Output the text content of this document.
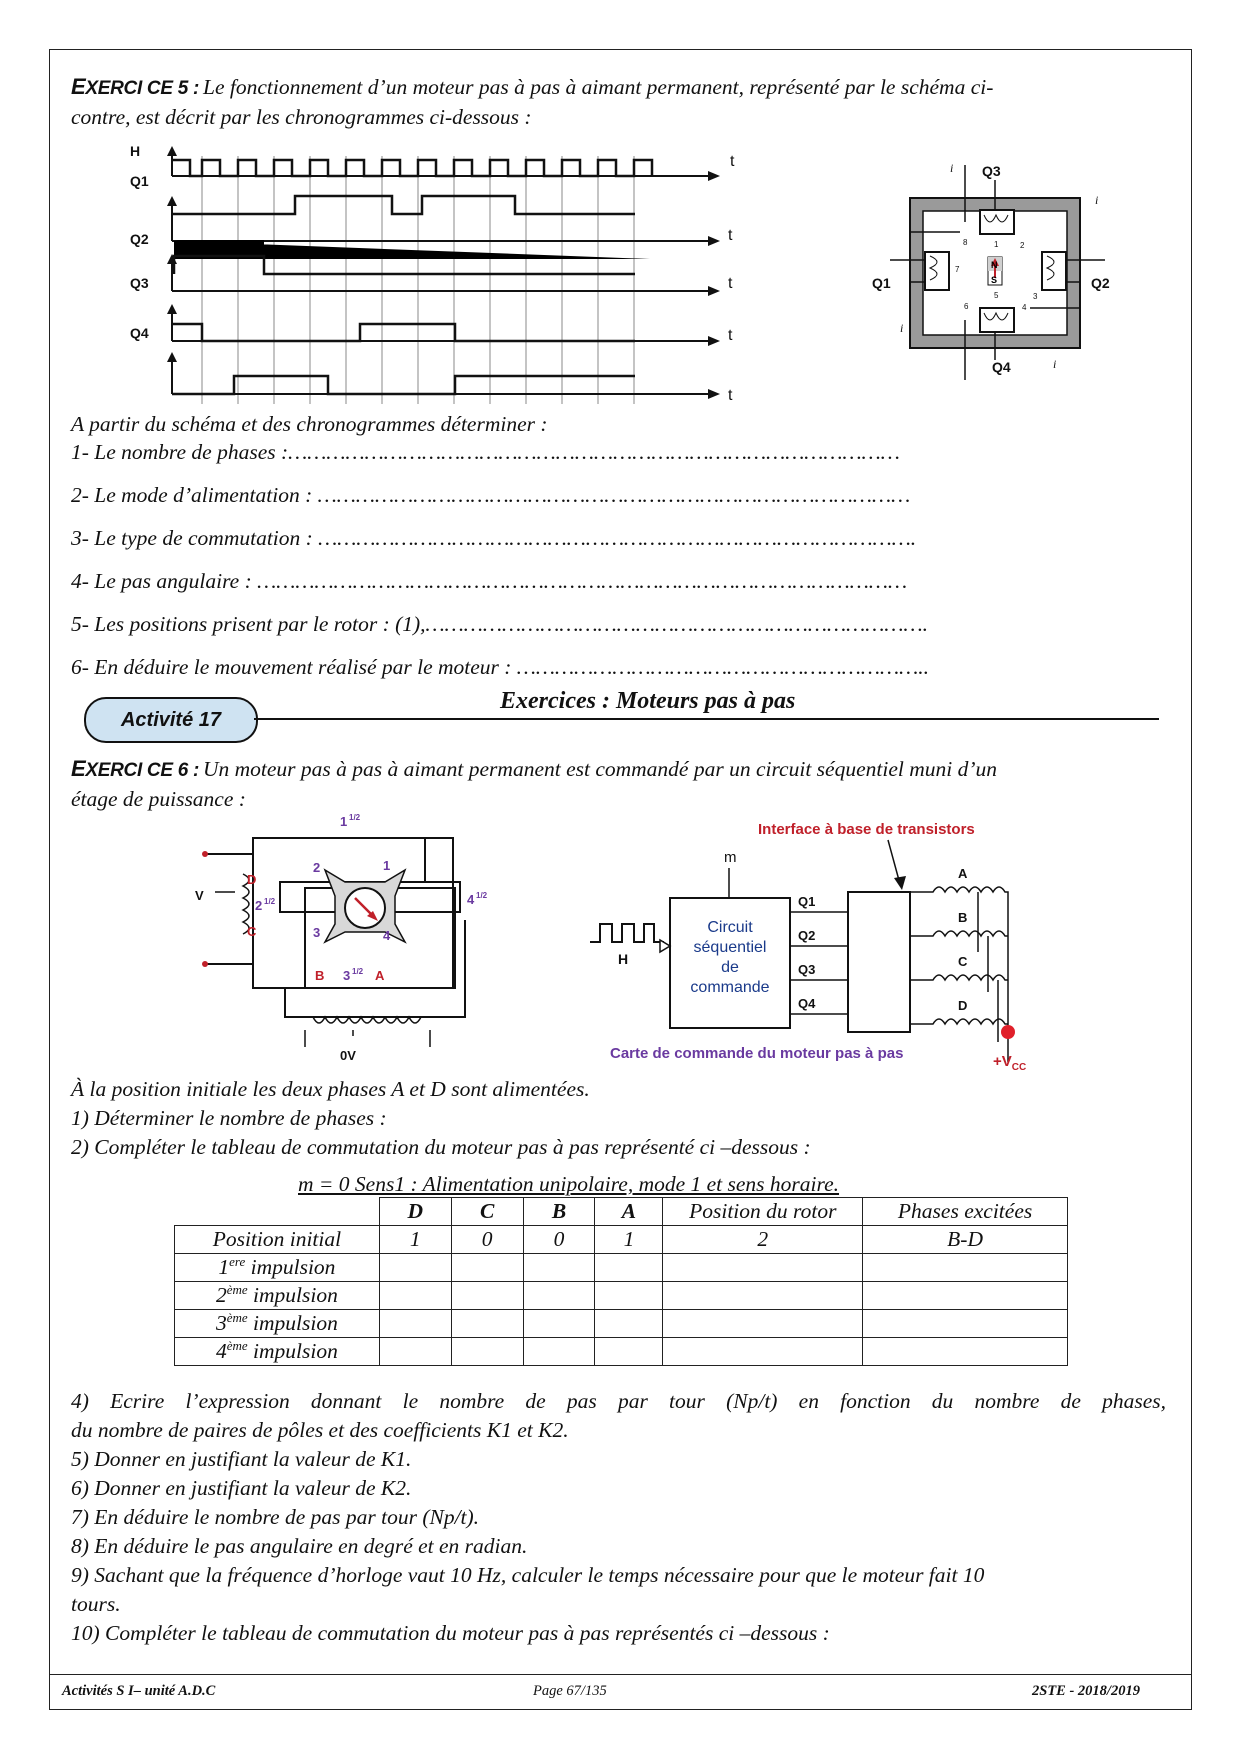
EXERCI CE 5 : Le fonctionnement d’un moteur pas à pas à aimant permanent, représenté par le schéma ci-
contre, est décrit par les chronogrammes ci-dessous :
H
Q1
Q2
Q3
Q4
t
t
t
t
t
N
S
1	2
3
4
5
6
7
8
Q3
Q1	Q2
Q4
i
i
i
i
A partir du schéma et des chronogrammes déterminer :
1- Le nombre de phases :……………………………………………………………………………………
2- Le mode d’alimentation : …………………………………………………………………………………
3- Le type de commutation : ………………………………………………………………………………….
4- Le pas angulaire : …………………………………………………………………………………………
5- Les positions prisent par le rotor : (1),…………………………………………………………………….
6- En déduire le mouvement réalisé par le moteur : ………………………………………………………..
Activité 17
Exercices : Moteurs pas à pas
EXERCI CE 6 : Un moteur pas à pas à aimant permanent est commandé par un circuit séquentiel muni d’un
étage de puissance :
V
0V
D
C
B	A
1
2
3	4
1
2
3
4
1/2
1/2
1/2
1/2
Interface à base de transistors
m
Circuit
séquentiel
de
commande
H
Q1
Q2
Q3
Q4
A
B
C
D
Carte de commande du moteur pas à pas	$+V_{CC}$
À la position initiale les deux phases A et D sont alimentées.
1) Déterminer le nombre de phases :
2) Compléter le tableau de commutation du moteur pas à pas représenté ci –dessous :
m = 0 Sens1 : Alimentation unipolaire, mode 1 et sens horaire.
	D	C	B	A	Position du rotor	Phases excitées
Position initial	1	0	0	1	2	B-D
1ere impulsion						
2ème impulsion						
3ème impulsion						
4ème impulsion						
4) Ecrire l’expression donnant le nombre de pas par tour (Np/t) en fonction du nombre de phases,
du nombre de paires de pôles et des coefficients K1 et K2.
5) Donner en justifiant la valeur de K1.
6) Donner en justifiant la valeur de K2.
7) En déduire le nombre de pas par tour (Np/t).
8) En déduire le pas angulaire en degré et en radian.
9) Sachant que la fréquence d’horloge vaut 10 Hz, calculer le temps nécessaire pour que le moteur fait 10
tours.
10) Compléter le tableau de commutation du moteur pas à pas représentés ci –dessous :
Activités S I– unité A.D.C	Page 67/135	2STE - 2018/2019
